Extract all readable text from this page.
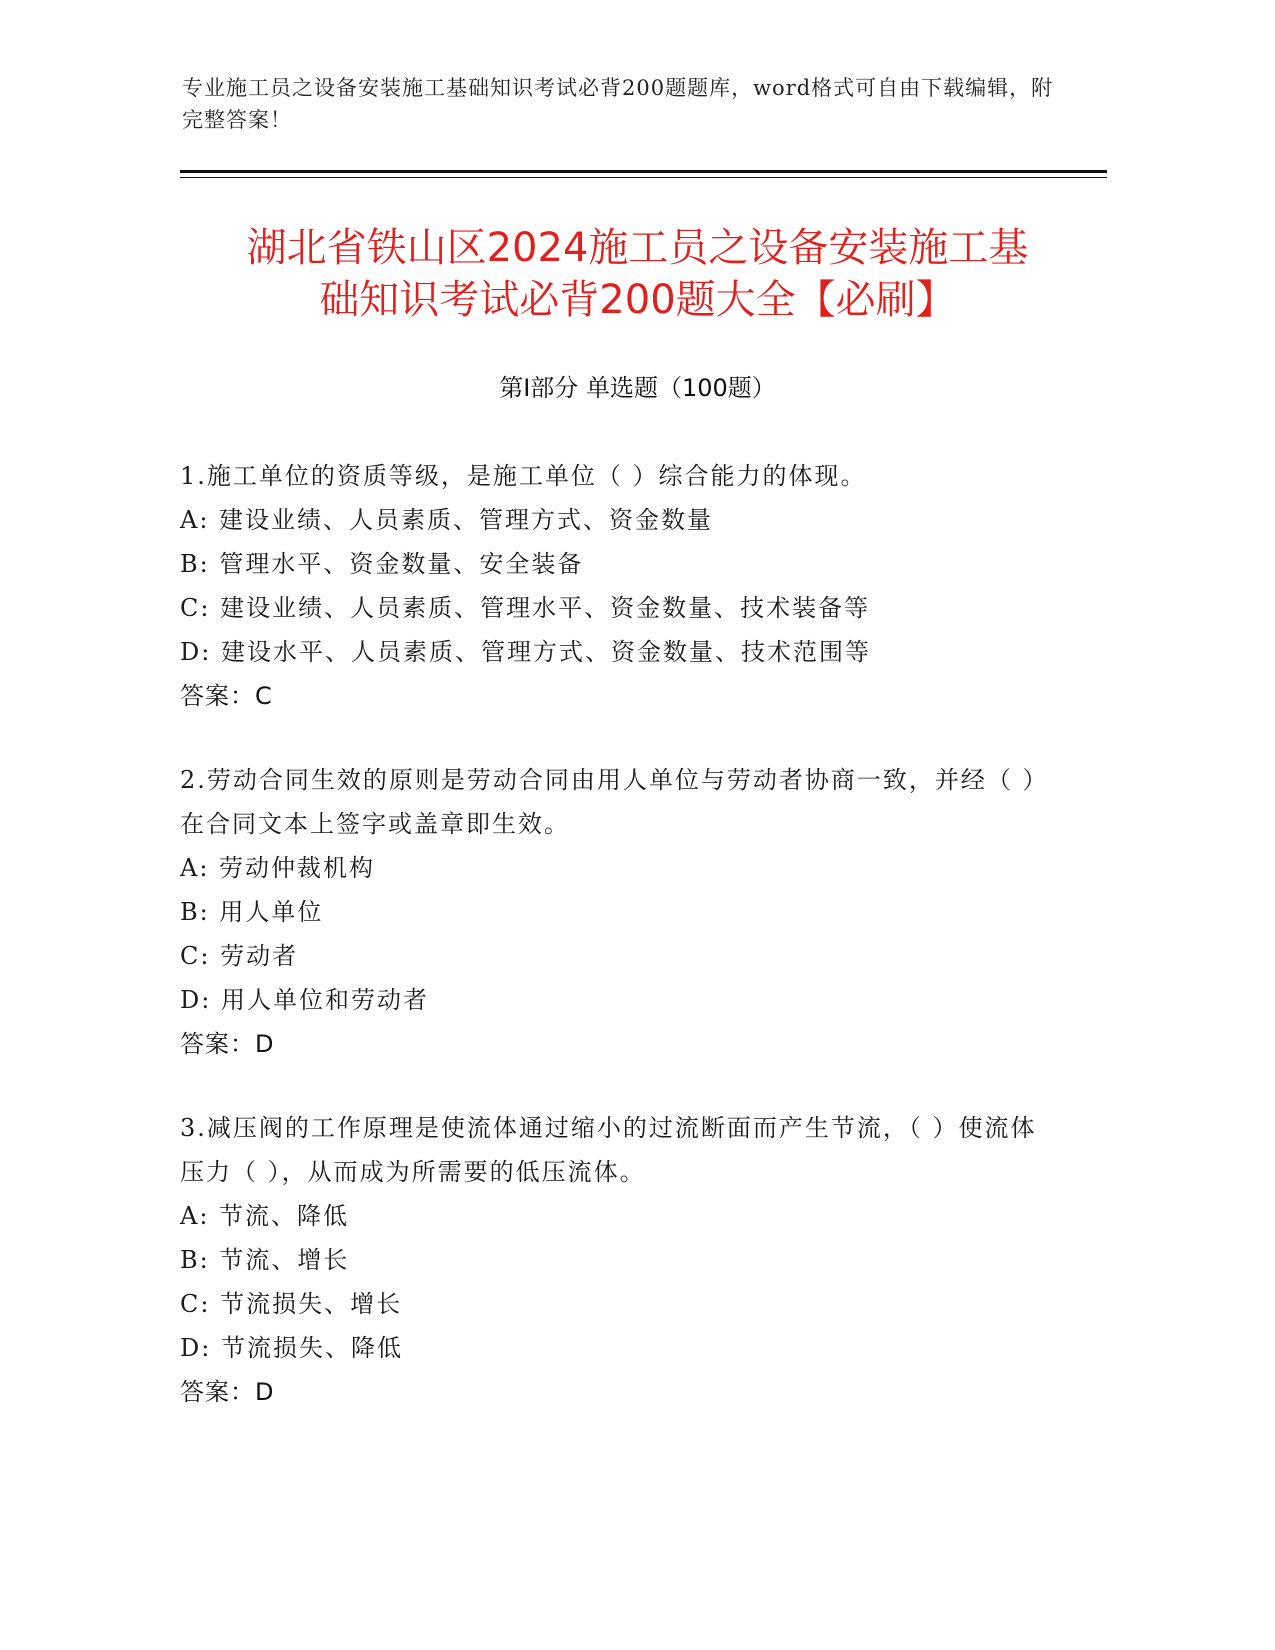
专业施工员之设备安装施工基础知识考试必背200题题库，word格式可自由下载编辑，附完整答案！
湖北省铁山区2024施工员之设备安装施工基
础知识考试必背200题大全【必刷】
第Ⅰ部分 单选题（100题）

1.施工单位的资质等级，是施工单位（ ）综合能力的体现。

A: 建设业绩、人员素质、管理方式、资金数量

B: 管理水平、资金数量、安全装备

C: 建设业绩、人员素质、管理水平、资金数量、技术装备等

D: 建设水平、人员素质、管理方式、资金数量、技术范围等

答案：C

2.劳动合同生效的原则是劳动合同由用人单位与劳动者协商一致，并经（ ）在合同文本上签字或盖章即生效。

A: 劳动仲裁机构

B: 用人单位

C: 劳动者

D: 用人单位和劳动者

答案：D

3.减压阀的工作原理是使流体通过缩小的过流断面而产生节流，（ ）使流体压力（ ），从而成为所需要的低压流体。

A: 节流、降低

B: 节流、增长

C: 节流损失、增长

D: 节流损失、降低

答案：D
